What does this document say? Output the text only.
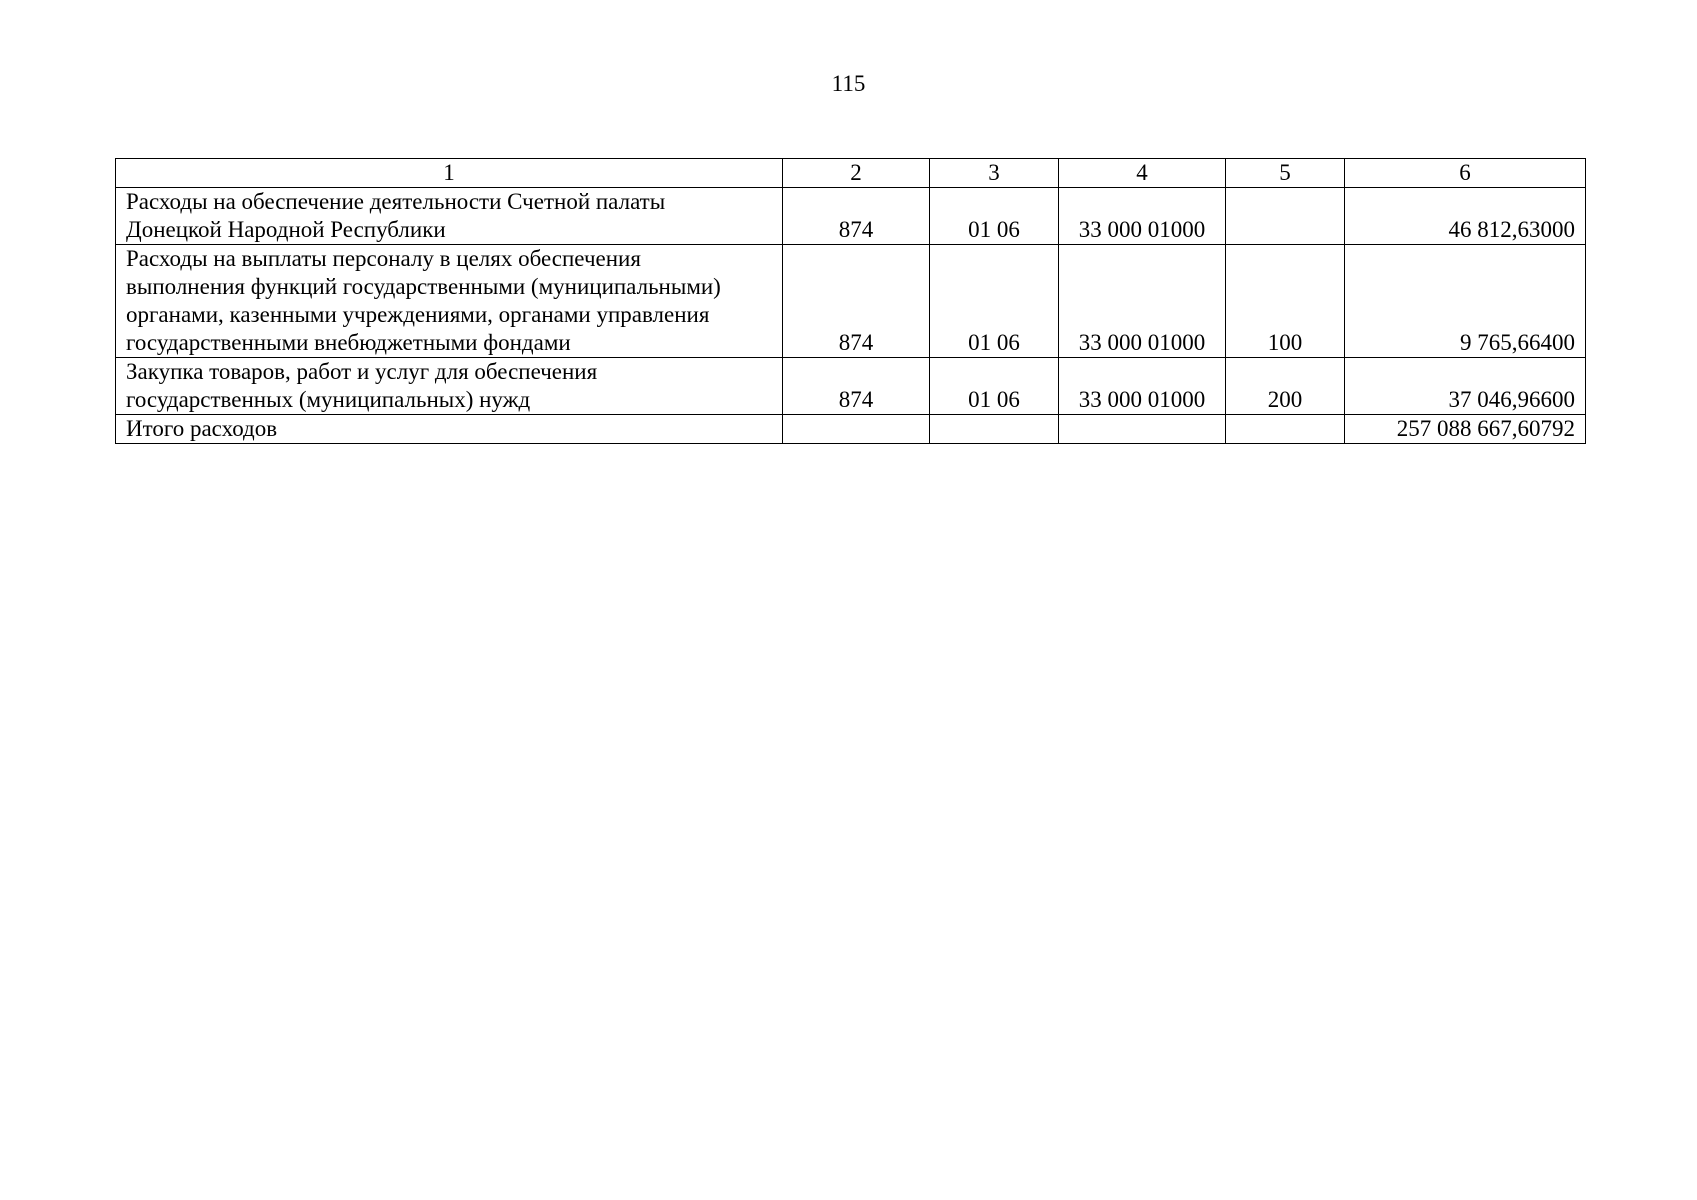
115
1	2	3	4	5	6

Расходы на обеспечение деятельности Счетной палаты
Донецкой Народной Республики	874	01 06	33 000 01000		46 812,63000

Расходы на выплаты персоналу в целях обеспечения
выполнения функций государственными (муниципальными)
органами, казенными учреждениями, органами управления
государственными внебюджетными фондами	874	01 06	33 000 01000	100	9 765,66400

Закупка товаров, работ и услуг для обеспечения
государственных (муниципальных) нужд	874	01 06	33 000 01000	200	37 046,96600
Итого расходов					257 088 667,60792
